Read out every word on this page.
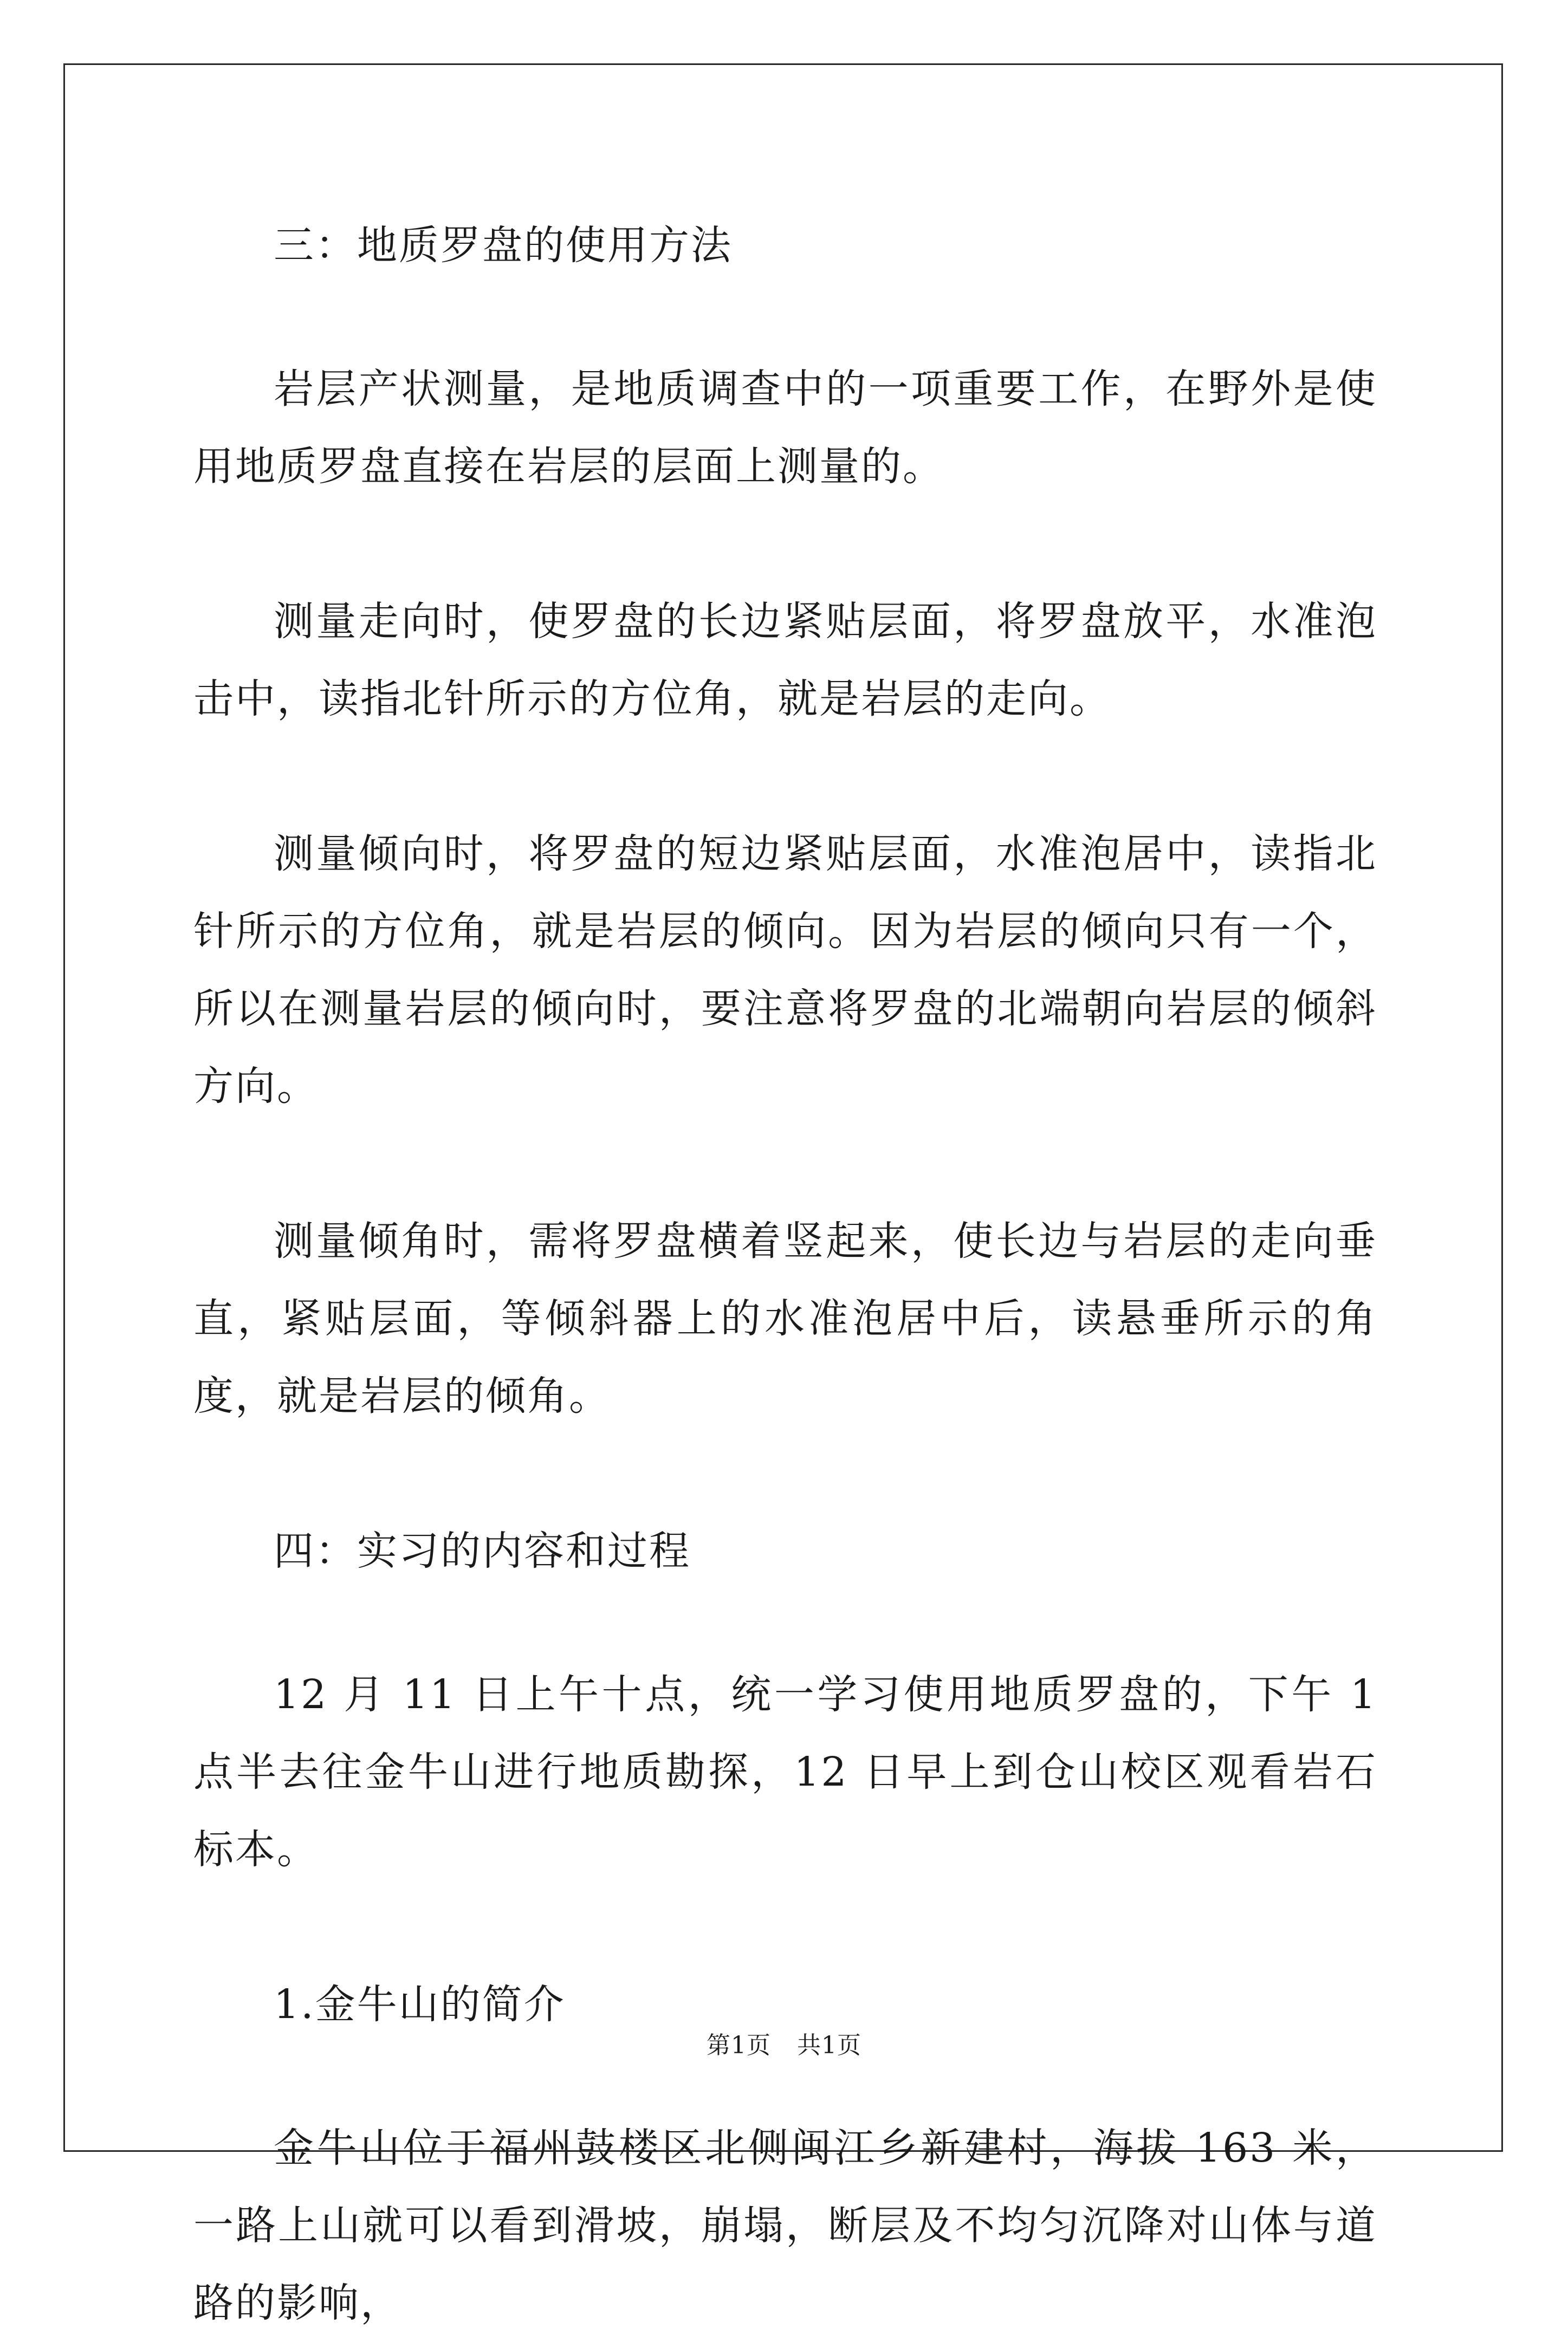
三：地质罗盘的使用方法

岩层产状测量，是地质调查中的一项重要工作，在野外是使用地质罗盘直接在岩层的层面上测量的。

测量走向时，使罗盘的长边紧贴层面，将罗盘放平，水准泡击中，读指北针所示的方位角，就是岩层的走向。

测量倾向时，将罗盘的短边紧贴层面，水准泡居中，读指北针所示的方位角，就是岩层的倾向。因为岩层的倾向只有一个，所以在测量岩层的倾向时，要注意将罗盘的北端朝向岩层的倾斜方向。

测量倾角时，需将罗盘横着竖起来，使长边与岩层的走向垂直，紧贴层面，等倾斜器上的水准泡居中后，读悬垂所示的角度，就是岩层的倾角。

四：实习的内容和过程

12 月 11 日上午十点，统一学习使用地质罗盘的，下午 1 点半去往金牛山进行地质勘探，12 日早上到仓山校区观看岩石标本。

1.金牛山的简介

金牛山位于福州鼓楼区北侧闽江乡新建村，海拔 163 米，一路上山就可以看到滑坡，崩塌，断层及不均匀沉降对山体与道路的影响，

第1页 共1页
